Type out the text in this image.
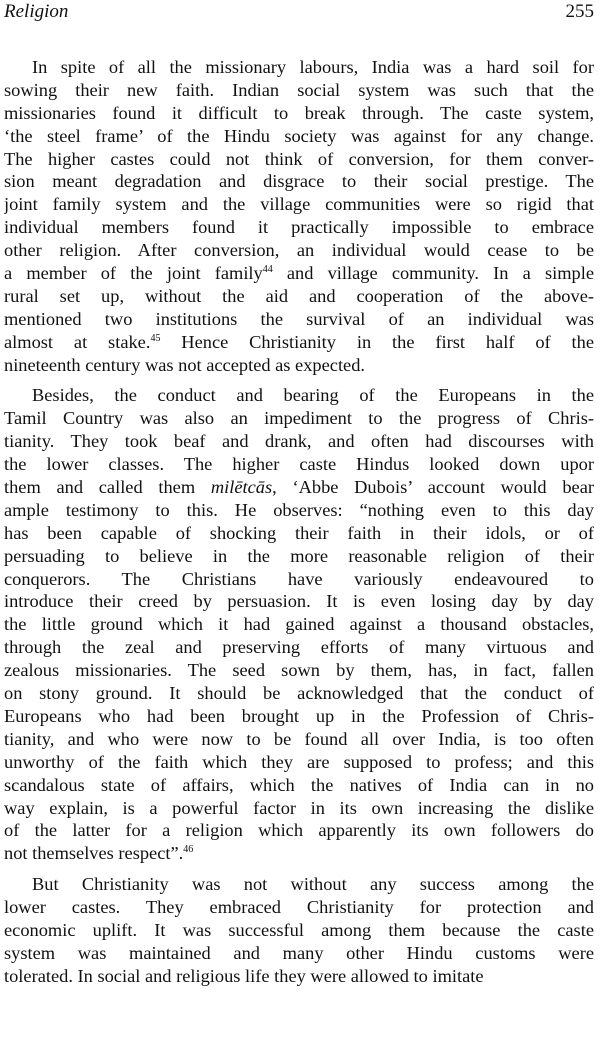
Religion	255
In spite of all the missionary labours, India was a hard soil for
sowing their new faith. Indian social system was such that the
missionaries found it difficult to break through. The caste system,
‘the steel frame’ of the Hindu society was against for any change.
The higher castes could not think of conversion, for them conver-
sion meant degradation and disgrace to their social prestige. The
joint family system and the village communities were so rigid that
individual members found it practically impossible to embrace
other religion. After conversion, an individual would cease to be
a member of the joint family$^{44}$ and village community. In a simple
rural set up, without the aid and cooperation of the above-
mentioned two institutions the survival of an individual was
almost at stake.$^{45}$ Hence Christianity in the first half of the
nineteenth century was not accepted as expected.
Besides, the conduct and bearing of the Europeans in the
Tamil Country was also an impediment to the progress of Chris-
tianity. They took beaf and drank, and often had discourses with
the lower classes. The higher caste Hindus looked down upor
them and called them milētcās, ‘Abbe Dubois’ account would bear
ample testimony to this. He observes: “nothing even to this day
has been capable of shocking their faith in their idols, or of
persuading to believe in the more reasonable religion of their
conquerors. The Christians have variously endeavoured to
introduce their creed by persuasion. It is even losing day by day
the little ground which it had gained against a thousand obstacles,
through the zeal and preserving efforts of many virtuous and
zealous missionaries. The seed sown by them, has, in fact, fallen
on stony ground. It should be acknowledged that the conduct of
Europeans who had been brought up in the Profession of Chris-
tianity, and who were now to be found all over India, is too often
unworthy of the faith which they are supposed to profess; and this
scandalous state of affairs, which the natives of India can in no
way explain, is a powerful factor in its own increasing the dislike
of the latter for a religion which apparently its own followers do
not themselves respect”.$^{46}$
But Christianity was not without any success among the
lower castes. They embraced Christianity for protection and
economic uplift. It was successful among them because the caste
system was maintained and many other Hindu customs were
tolerated. In social and religious life they were allowed to imitate
